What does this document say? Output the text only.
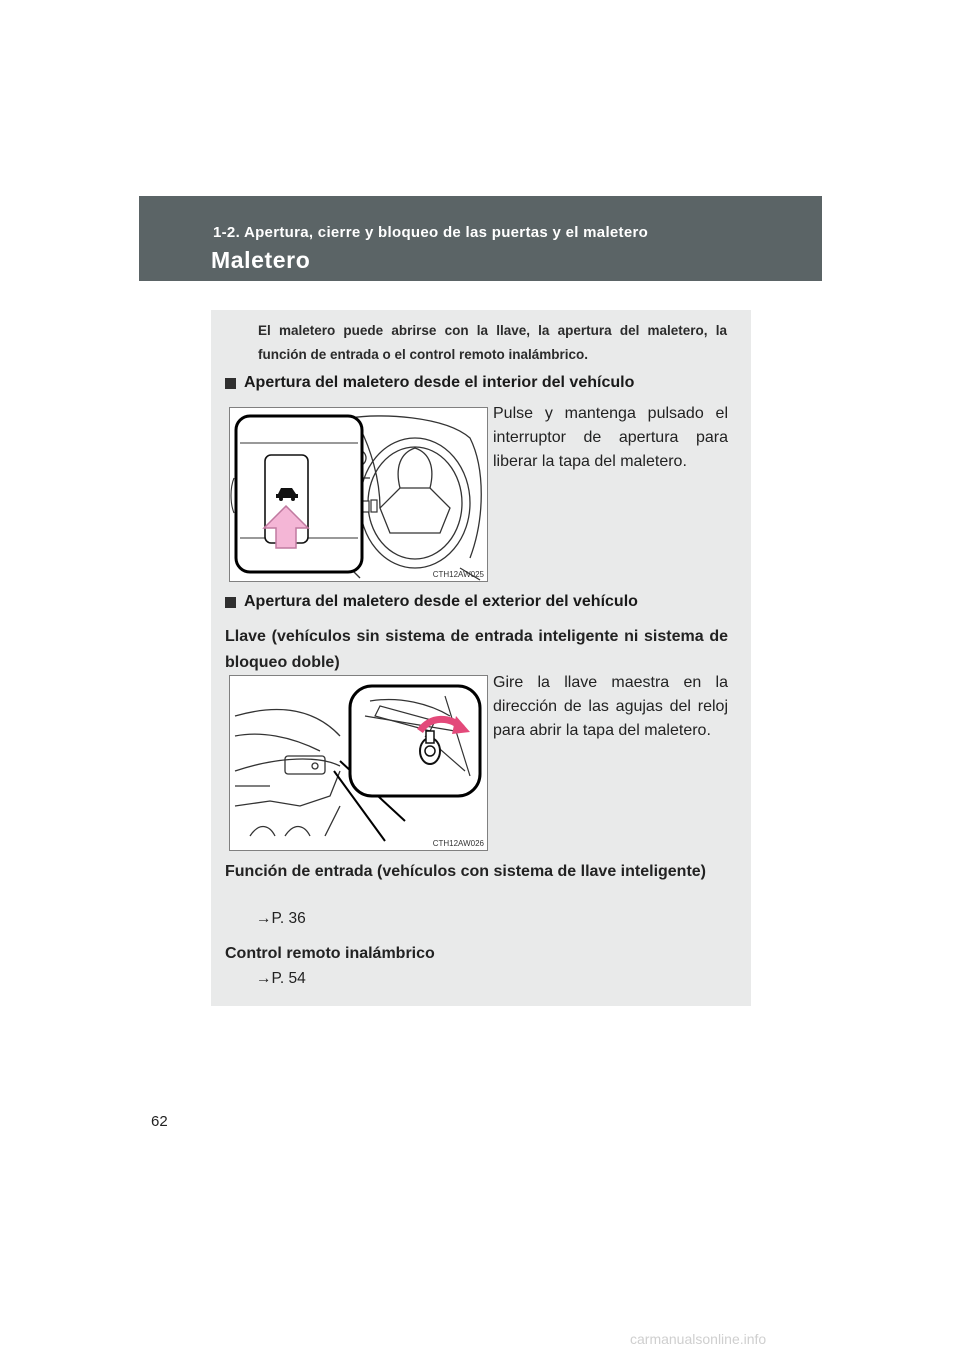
1-2. Apertura, cierre y bloqueo de las puertas y el maletero
Maletero
El maletero puede abrirse con la llave, la apertura del maletero, la función de entrada o el control remoto inalámbrico.
Apertura del maletero desde el interior del vehículo
CTH12AW025
Pulse y mantenga pulsado el interruptor de apertura para liberar la tapa del maletero.
Apertura del maletero desde el exterior del vehículo
Llave (vehículos sin sistema de entrada inteligente ni sistema de bloqueo doble)
CTH12AW026
Gire la llave maestra en la dirección de las agujas del reloj para abrir la tapa del maletero.
Función de entrada (vehículos con sistema de llave inteligente)
→P. 36
Control remoto inalámbrico
→P. 54
62
carmanualsonline.info
